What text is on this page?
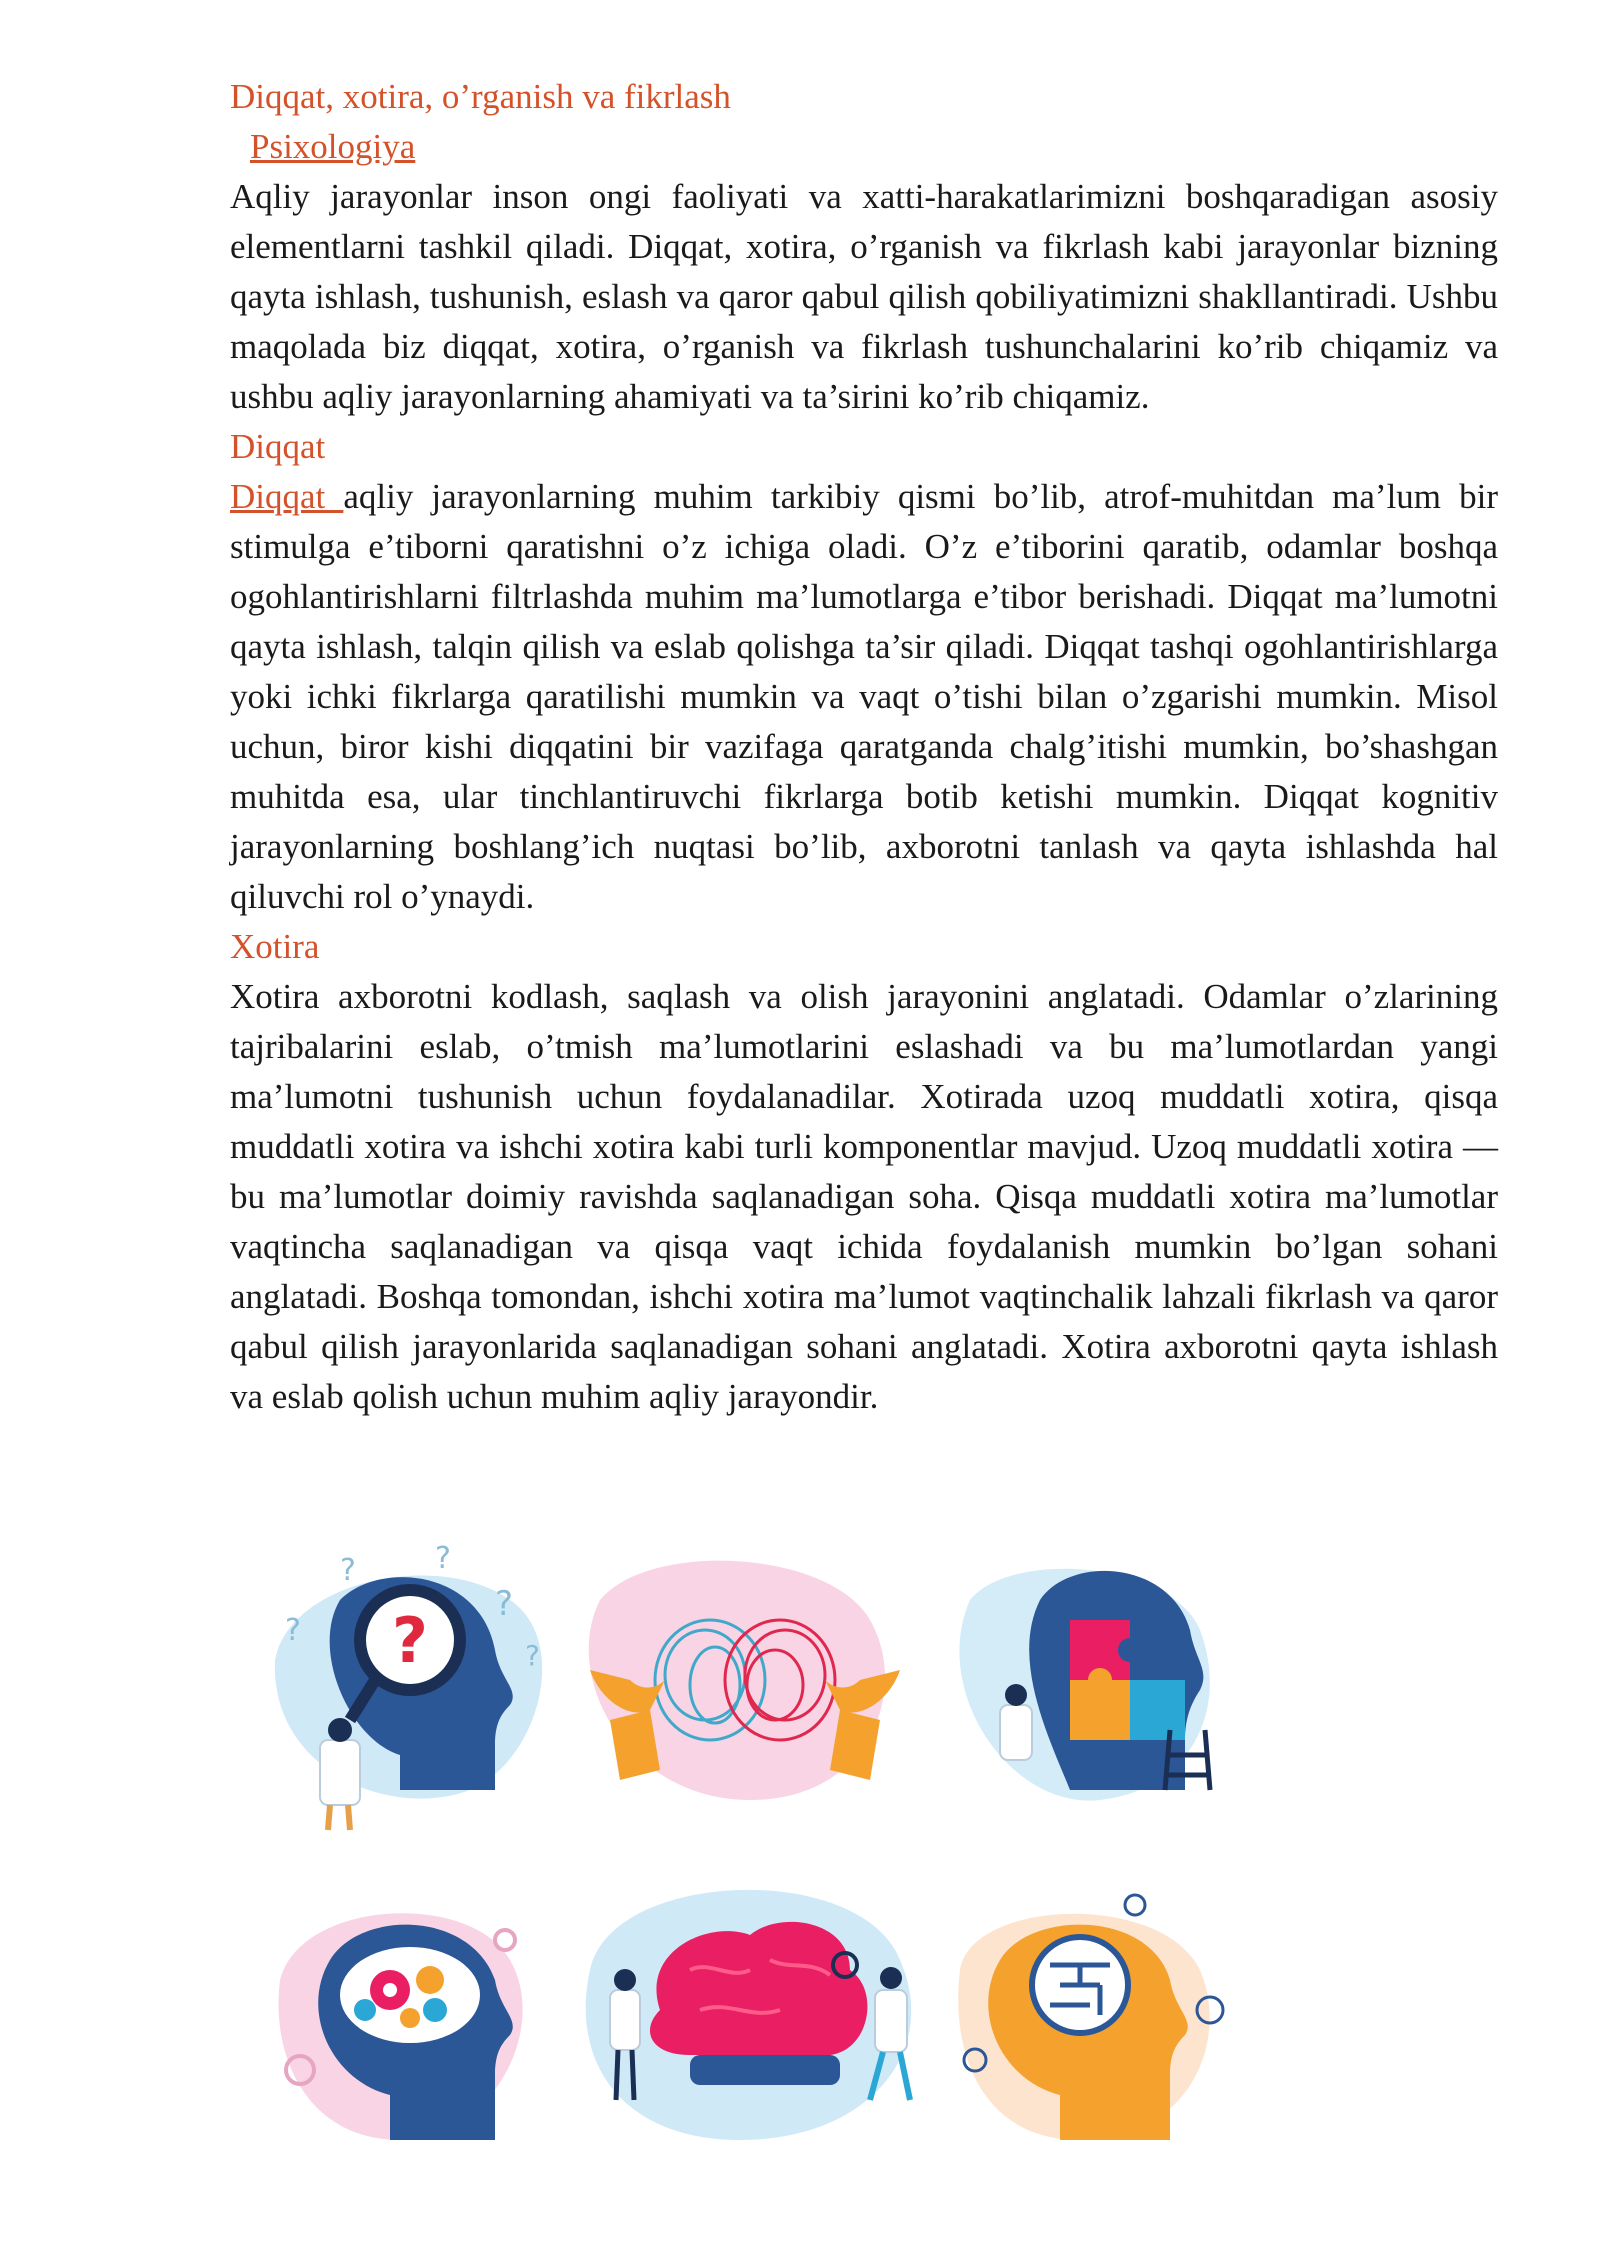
Diqqat, xotira, o’rganish va fikrlash
Psixologiya

Aqliy jarayonlar inson ongi faoliyati va xatti-harakatlarimizni boshqaradigan asosiy elementlarni tashkil qiladi. Diqqat, xotira, o’rganish va fikrlash kabi jarayonlar bizning qayta ishlash, tushunish, eslash va qaror qabul qilish qobiliyatimizni shakllantiradi. Ushbu maqolada biz diqqat, xotira, o’rganish va fikrlash tushunchalarini ko’rib chiqamiz va ushbu aqliy jarayonlarning ahamiyati va ta’sirini ko’rib chiqamiz.

Diqqat

Diqqat aqliy jarayonlarning muhim tarkibiy qismi bo’lib, atrof-muhitdan ma’lum bir stimulga e’tiborni qaratishni o’z ichiga oladi. O’z e’tiborini qaratib, odamlar boshqa ogohlantirishlarni filtrlashda muhim ma’lumotlarga e’tibor berishadi. Diqqat ma’lumotni qayta ishlash, talqin qilish va eslab qolishga ta’sir qiladi. Diqqat tashqi ogohlantirishlarga yoki ichki fikrlarga qaratilishi mumkin va vaqt o’tishi bilan o’zgarishi mumkin. Misol uchun, biror kishi diqqatini bir vazifaga qaratganda chalg’itishi mumkin, bo’shashgan muhitda esa, ular tinchlantiruvchi fikrlarga botib ketishi mumkin. Diqqat kognitiv jarayonlarning boshlang’ich nuqtasi bo’lib, axborotni tanlash va qayta ishlashda hal qiluvchi rol o’ynaydi.

Xotira

Xotira axborotni kodlash, saqlash va olish jarayonini anglatadi. Odamlar o’zlarining tajribalarini eslab, o’tmish ma’lumotlarini eslashadi va bu ma’lumotlardan yangi ma’lumotni tushunish uchun foydalanadilar. Xotirada uzoq muddatli xotira, qisqa muddatli xotira va ishchi xotira kabi turli komponentlar mavjud. Uzoq muddatli xotira — bu ma’lumotlar doimiy ravishda saqlanadigan soha. Qisqa muddatli xotira ma’lumotlar vaqtincha saqlanadigan va qisqa vaqt ichida foydalanish mumkin bo’lgan sohani anglatadi. Boshqa tomondan, ishchi xotira ma’lumot vaqtinchalik lahzali fikrlash va qaror qabul qilish jarayonlarida saqlanadigan sohani anglatadi. Xotira axborotni qayta ishlash va eslab qolish uchun muhim aqliy jarayondir.

?
?	?
?
?
?
